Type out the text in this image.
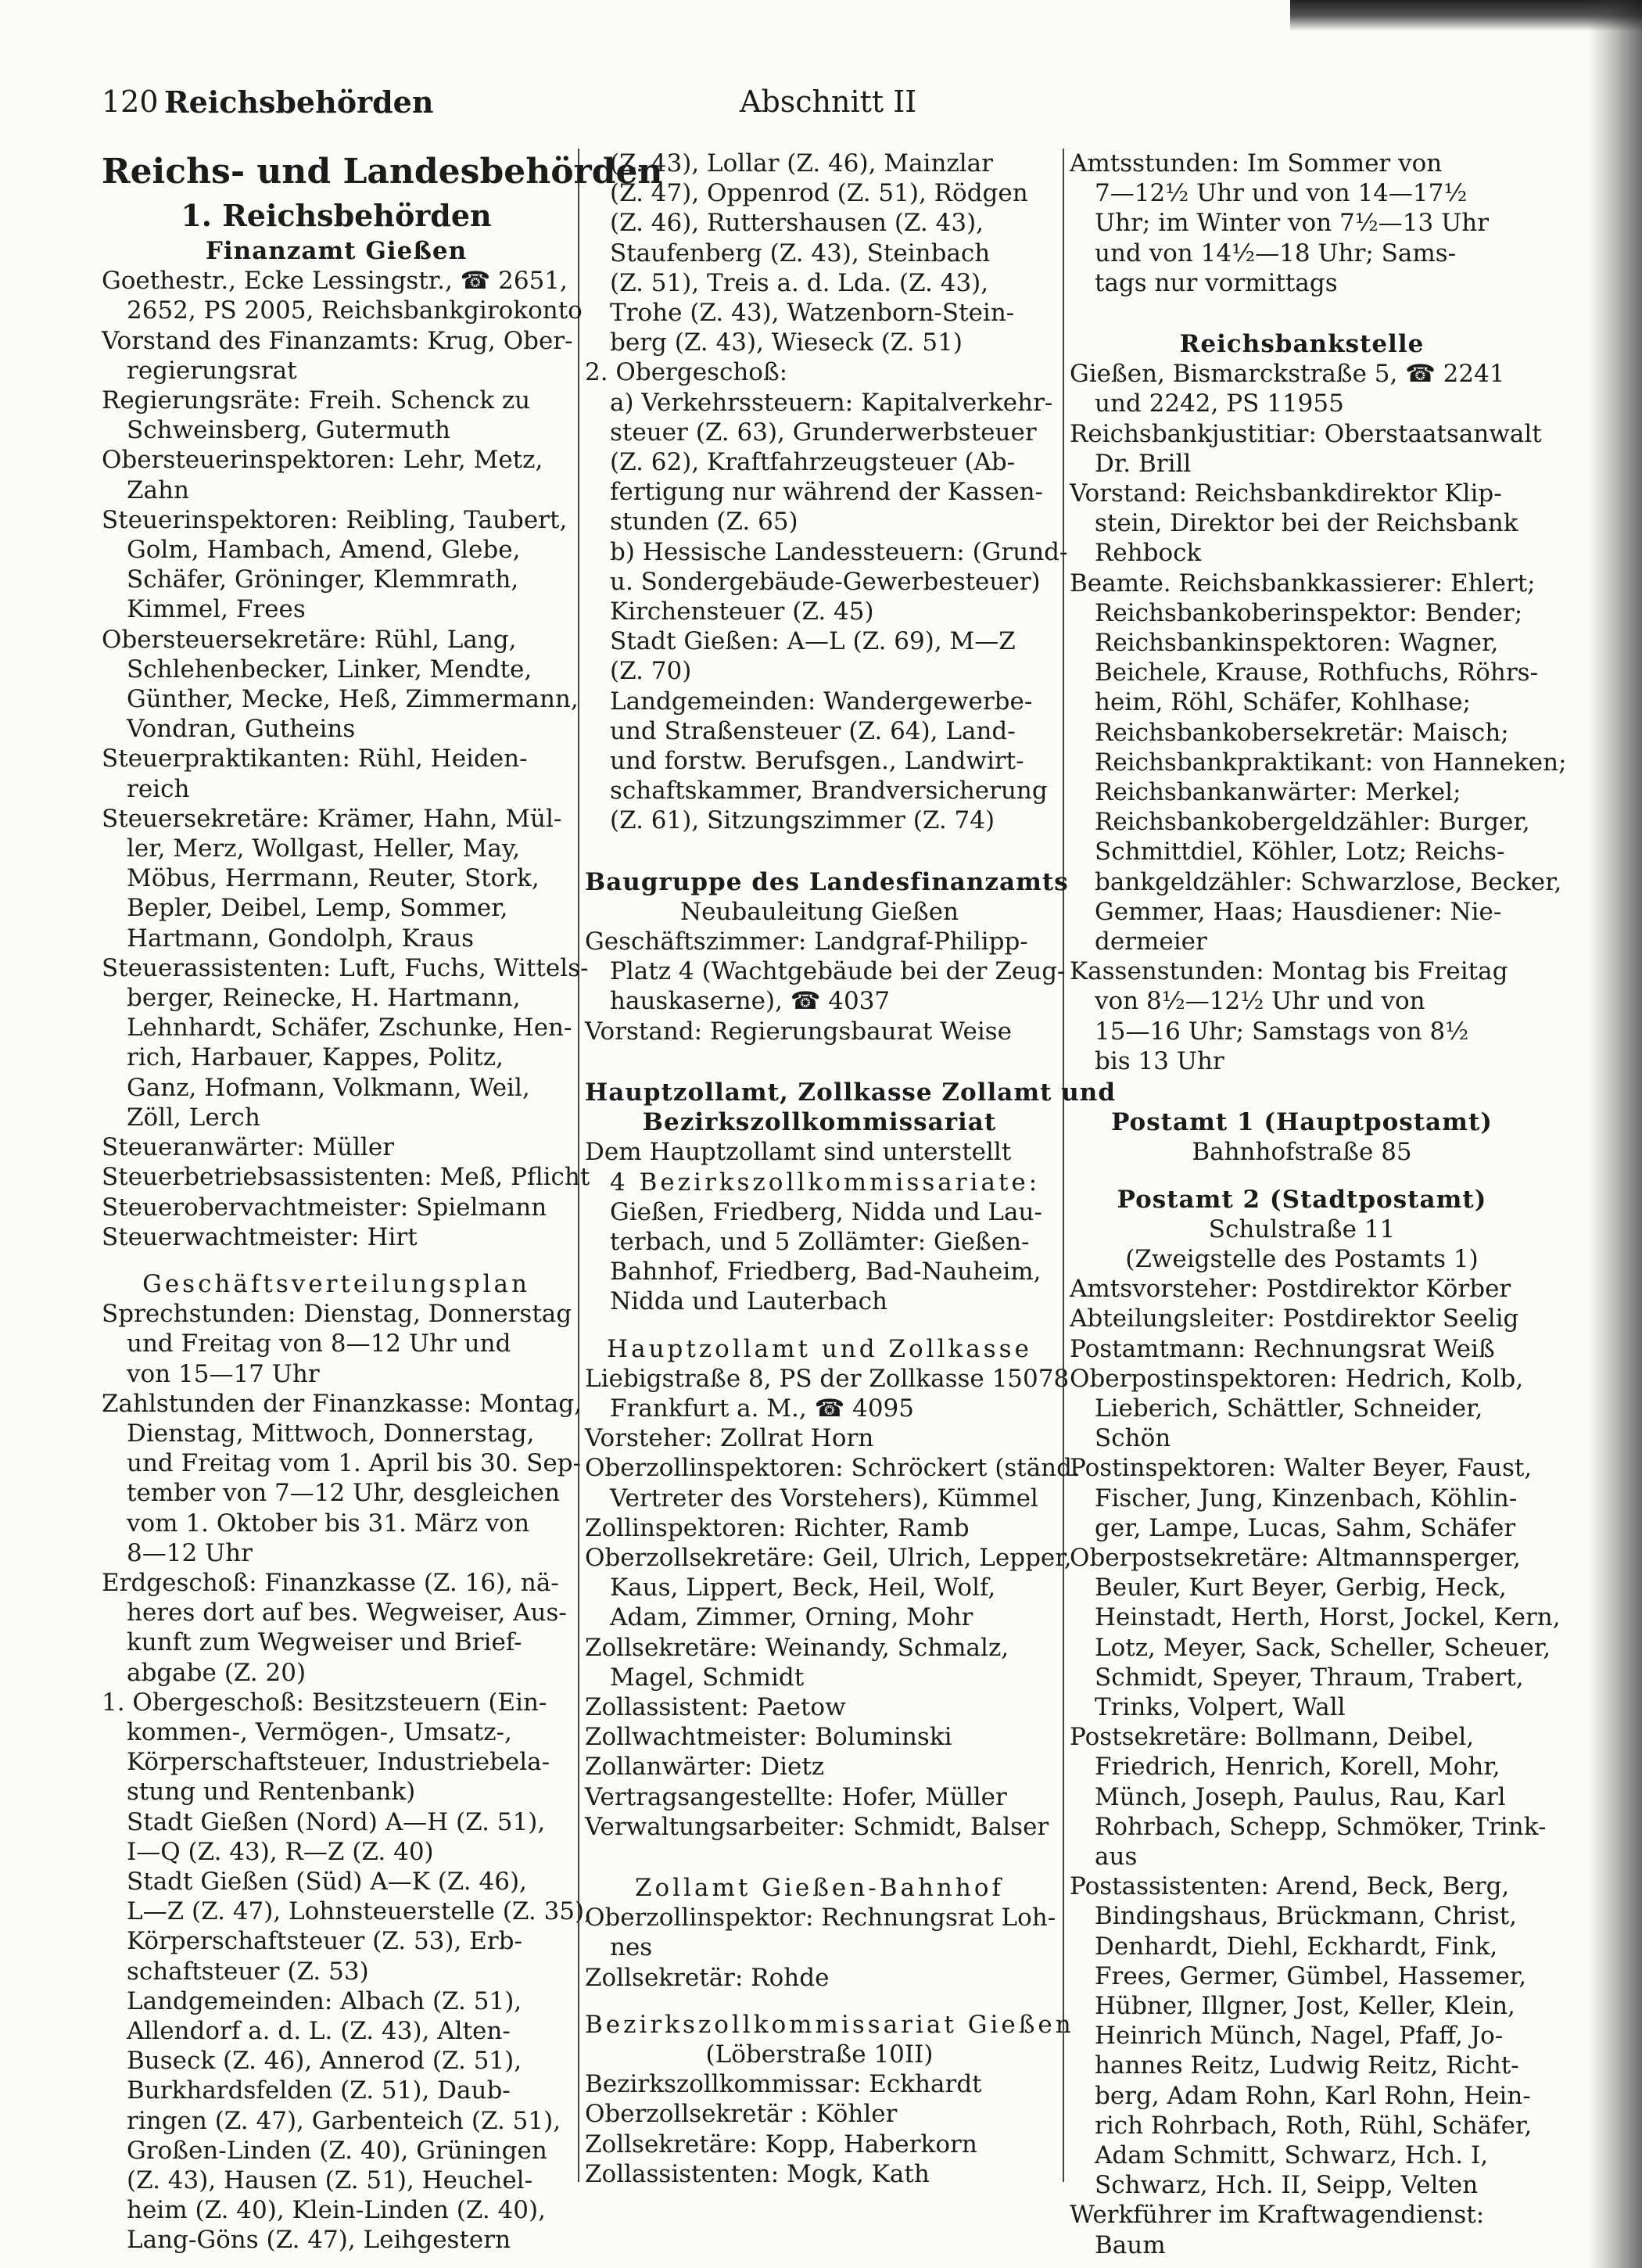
120 Reichsbehörden	Abschnitt II
Reichs- und Landesbehörden
1. Reichsbehörden
Finanzamt Gießen
Goethestr., Ecke Lessingstr., ☎ 2651,
2652, PS 2005, Reichsbankgirokonto
Vorstand des Finanzamts: Krug, Ober-
regierungsrat
Regierungsräte: Freih. Schenck zu
Schweinsberg, Gutermuth
Obersteuerinspektoren: Lehr, Metz,
Zahn
Steuerinspektoren: Reibling, Taubert,
Golm, Hambach, Amend, Glebe,
Schäfer, Gröninger, Klemmrath,
Kimmel, Frees
Obersteuersekretäre: Rühl, Lang,
Schlehenbecker, Linker, Mendte,
Günther, Mecke, Heß, Zimmermann,
Vondran, Gutheins
Steuerpraktikanten: Rühl, Heiden-
reich
Steuersekretäre: Krämer, Hahn, Mül-
ler, Merz, Wollgast, Heller, May,
Möbus, Herrmann, Reuter, Stork,
Bepler, Deibel, Lemp, Sommer,
Hartmann, Gondolph, Kraus
Steuerassistenten: Luft, Fuchs, Wittels-
berger, Reinecke, H. Hartmann,
Lehnhardt, Schäfer, Zschunke, Hen-
rich, Harbauer, Kappes, Politz,
Ganz, Hofmann, Volkmann, Weil,
Zöll, Lerch
Steueranwärter: Müller
Steuerbetriebsassistenten: Meß, Pflicht
Steuerobervachtmeister: Spielmann
Steuerwachtmeister: Hirt
Geschäftsverteilungsplan
Sprechstunden: Dienstag, Donnerstag
und Freitag von 8—12 Uhr und
von 15—17 Uhr
Zahlstunden der Finanzkasse: Montag,
Dienstag, Mittwoch, Donnerstag,
und Freitag vom 1. April bis 30. Sep-
tember von 7—12 Uhr, desgleichen
vom 1. Oktober bis 31. März von
8—12 Uhr
Erdgeschoß: Finanzkasse (Z. 16), nä-
heres dort auf bes. Wegweiser, Aus-
kunft zum Wegweiser und Brief-
abgabe (Z. 20)
1. Obergeschoß: Besitzsteuern (Ein-
kommen-, Vermögen-, Umsatz-,
Körperschaftsteuer, Industriebela-
stung und Rentenbank)
Stadt Gießen (Nord) A—H (Z. 51),
I—Q (Z. 43), R—Z (Z. 40)
Stadt Gießen (Süd) A—K (Z. 46),
L—Z (Z. 47), Lohnsteuerstelle (Z. 35),
Körperschaftsteuer (Z. 53), Erb-
schaftsteuer (Z. 53)
Landgemeinden: Albach (Z. 51),
Allendorf a. d. L. (Z. 43), Alten-
Buseck (Z. 46), Annerod (Z. 51),
Burkhardsfelden (Z. 51), Daub-
ringen (Z. 47), Garbenteich (Z. 51),
Großen-Linden (Z. 40), Grüningen
(Z. 43), Hausen (Z. 51), Heuchel-
heim (Z. 40), Klein-Linden (Z. 40),
Lang-Göns (Z. 47), Leihgestern
(Z. 43), Lollar (Z. 46), Mainzlar
(Z. 47), Oppenrod (Z. 51), Rödgen
(Z. 46), Ruttershausen (Z. 43),
Staufenberg (Z. 43), Steinbach
(Z. 51), Treis a. d. Lda. (Z. 43),
Trohe (Z. 43), Watzenborn-Stein-
berg (Z. 43), Wieseck (Z. 51)
2. Obergeschoß:
a) Verkehrssteuern: Kapitalverkehr-
steuer (Z. 63), Grunderwerbsteuer
(Z. 62), Kraftfahrzeugsteuer (Ab-
fertigung nur während der Kassen-
stunden (Z. 65)
b) Hessische Landessteuern: (Grund-
u. Sondergebäude-Gewerbesteuer)
Kirchensteuer (Z. 45)
Stadt Gießen: A—L (Z. 69), M—Z
(Z. 70)
Landgemeinden: Wandergewerbe-
und Straßensteuer (Z. 64), Land-
und forstw. Berufsgen., Landwirt-
schaftskammer, Brandversicherung
(Z. 61), Sitzungszimmer (Z. 74)
Baugruppe des Landesfinanzamts
Neubauleitung Gießen
Geschäftszimmer: Landgraf-Philipp-
Platz 4 (Wachtgebäude bei der Zeug-
hauskaserne), ☎ 4037
Vorstand: Regierungsbaurat Weise
Hauptzollamt, Zollkasse Zollamt und
Bezirkszollkommissariat
Dem Hauptzollamt sind unterstellt
4 Bezirkszollkommissariate:
Gießen, Friedberg, Nidda und Lau-
terbach, und 5 Zollämter: Gießen-
Bahnhof, Friedberg, Bad-Nauheim,
Nidda und Lauterbach
Hauptzollamt und Zollkasse
Liebigstraße 8, PS der Zollkasse 15078
Frankfurt a. M., ☎ 4095
Vorsteher: Zollrat Horn
Oberzollinspektoren: Schröckert (ständ.
Vertreter des Vorstehers), Kümmel
Zollinspektoren: Richter, Ramb
Oberzollsekretäre: Geil, Ulrich, Lepper,
Kaus, Lippert, Beck, Heil, Wolf,
Adam, Zimmer, Orning, Mohr
Zollsekretäre: Weinandy, Schmalz,
Magel, Schmidt
Zollassistent: Paetow
Zollwachtmeister: Boluminski
Zollanwärter: Dietz
Vertragsangestellte: Hofer, Müller
Verwaltungsarbeiter: Schmidt, Balser
Zollamt Gießen-Bahnhof
Oberzollinspektor: Rechnungsrat Loh-
nes
Zollsekretär: Rohde
Bezirkszollkommissariat Gießen
(Löberstraße 10II)
Bezirkszollkommissar: Eckhardt
Oberzollsekretär : Köhler
Zollsekretäre: Kopp, Haberkorn
Zollassistenten: Mogk, Kath
Amtsstunden: Im Sommer von
7—12½ Uhr und von 14—17½
Uhr; im Winter von 7½—13 Uhr
und von 14½—18 Uhr; Sams-
tags nur vormittags
Reichsbankstelle
Gießen, Bismarckstraße 5, ☎ 2241
und 2242, PS 11955
Reichsbankjustitiar: Oberstaatsanwalt
Dr. Brill
Vorstand: Reichsbankdirektor Klip-
stein, Direktor bei der Reichsbank
Rehbock
Beamte. Reichsbankkassierer: Ehlert;
Reichsbankoberinspektor: Bender;
Reichsbankinspektoren: Wagner,
Beichele, Krause, Rothfuchs, Röhrs-
heim, Röhl, Schäfer, Kohlhase;
Reichsbankobersekretär: Maisch;
Reichsbankpraktikant: von Hanneken;
Reichsbankanwärter: Merkel;
Reichsbankobergeldzähler: Burger,
Schmittdiel, Köhler, Lotz; Reichs-
bankgeldzähler: Schwarzlose, Becker,
Gemmer, Haas; Hausdiener: Nie-
dermeier
Kassenstunden: Montag bis Freitag
von 8½—12½ Uhr und von
15—16 Uhr; Samstags von 8½
bis 13 Uhr
Postamt 1 (Hauptpostamt)
Bahnhofstraße 85
Postamt 2 (Stadtpostamt)
Schulstraße 11
(Zweigstelle des Postamts 1)
Amtsvorsteher: Postdirektor Körber
Abteilungsleiter: Postdirektor Seelig
Postamtmann: Rechnungsrat Weiß
Oberpostinspektoren: Hedrich, Kolb,
Lieberich, Schättler, Schneider,
Schön
Postinspektoren: Walter Beyer, Faust,
Fischer, Jung, Kinzenbach, Köhlin-
ger, Lampe, Lucas, Sahm, Schäfer
Oberpostsekretäre: Altmannsperger,
Beuler, Kurt Beyer, Gerbig, Heck,
Heinstadt, Herth, Horst, Jockel, Kern,
Lotz, Meyer, Sack, Scheller, Scheuer,
Schmidt, Speyer, Thraum, Trabert,
Trinks, Volpert, Wall
Postsekretäre: Bollmann, Deibel,
Friedrich, Henrich, Korell, Mohr,
Münch, Joseph, Paulus, Rau, Karl
Rohrbach, Schepp, Schmöker, Trink-
aus
Postassistenten: Arend, Beck, Berg,
Bindingshaus, Brückmann, Christ,
Denhardt, Diehl, Eckhardt, Fink,
Frees, Germer, Gümbel, Hassemer,
Hübner, Illgner, Jost, Keller, Klein,
Heinrich Münch, Nagel, Pfaff, Jo-
hannes Reitz, Ludwig Reitz, Richt-
berg, Adam Rohn, Karl Rohn, Hein-
rich Rohrbach, Roth, Rühl, Schäfer,
Adam Schmitt, Schwarz, Hch. I,
Schwarz, Hch. II, Seipp, Velten
Werkführer im Kraftwagendienst:
Baum
